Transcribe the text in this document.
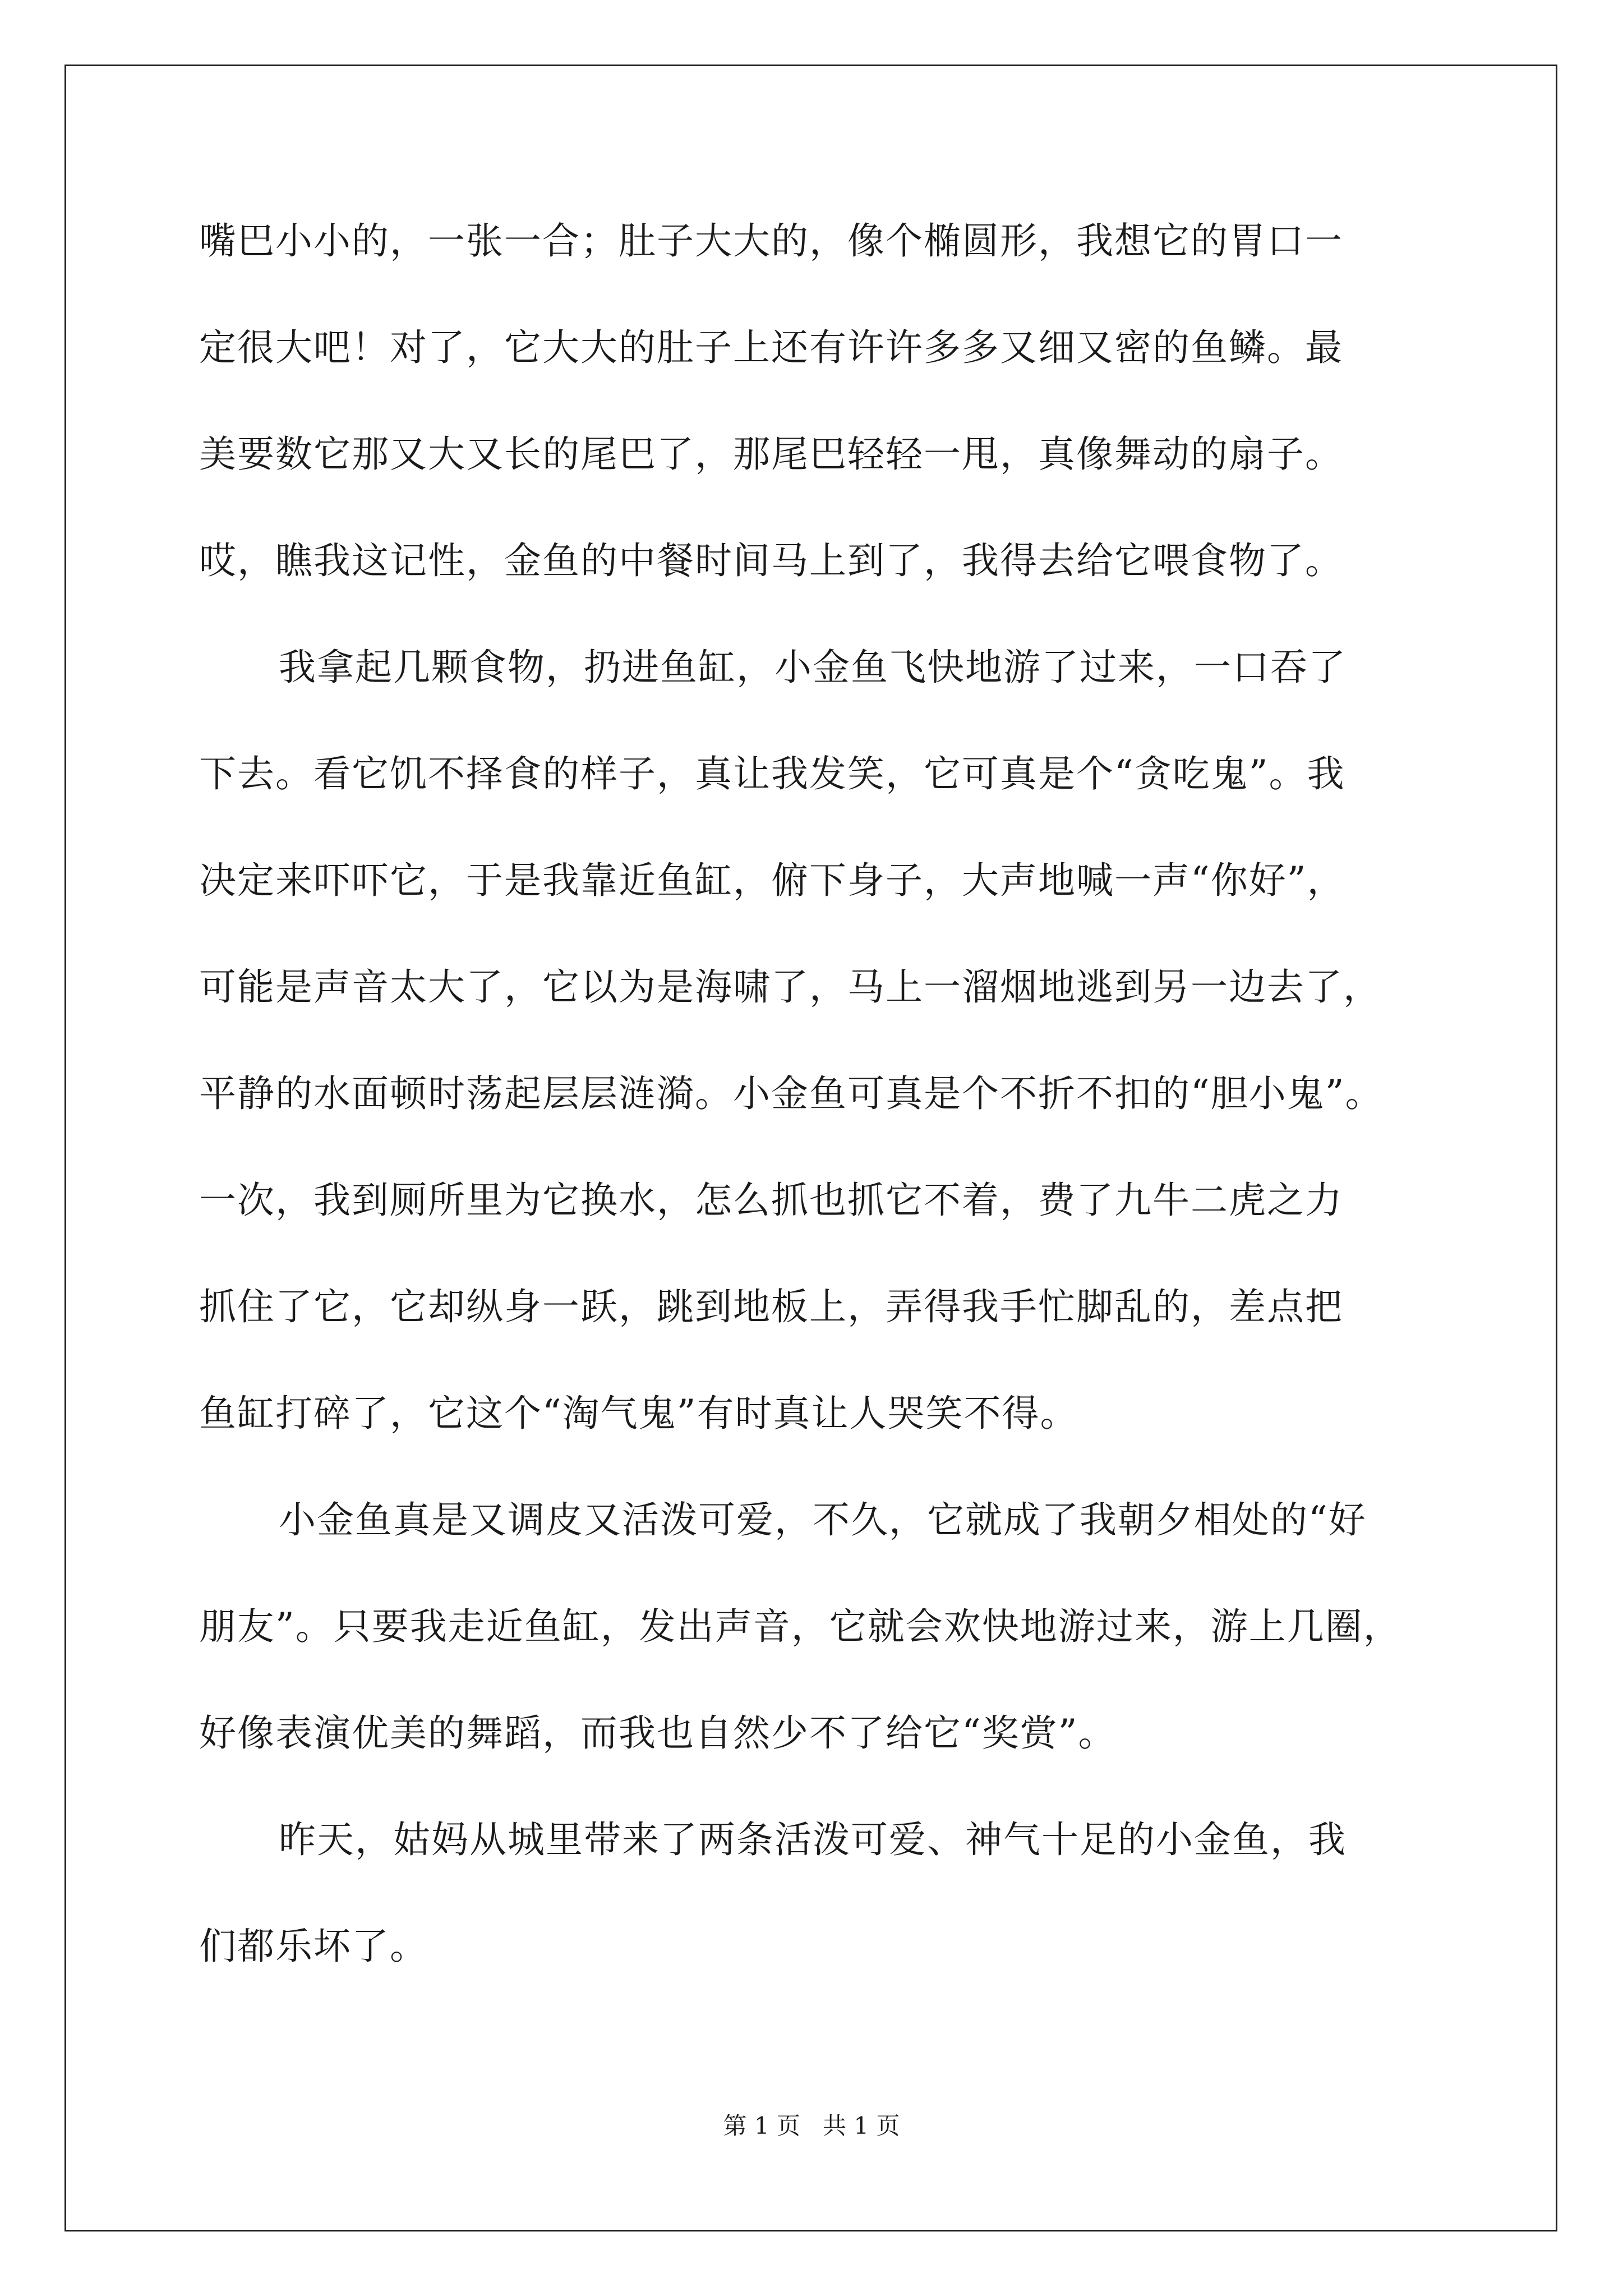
嘴巴小小的，一张一合；肚子大大的，像个椭圆形，我想它的胃口一
定很大吧！对了，它大大的肚子上还有许许多多又细又密的鱼鳞。最
美要数它那又大又长的尾巴了，那尾巴轻轻一甩，真像舞动的扇子。
哎，瞧我这记性，金鱼的中餐时间马上到了，我得去给它喂食物了。
我拿起几颗食物，扔进鱼缸，小金鱼飞快地游了过来，一口吞了
下去。看它饥不择食的样子，真让我发笑，它可真是个“贪吃鬼”。我
决定来吓吓它，于是我靠近鱼缸，俯下身子，大声地喊一声“你好”，
可能是声音太大了，它以为是海啸了，马上一溜烟地逃到另一边去了，
平静的水面顿时荡起层层涟漪。小金鱼可真是个不折不扣的“胆小鬼”。
一次，我到厕所里为它换水，怎么抓也抓它不着，费了九牛二虎之力
抓住了它，它却纵身一跃，跳到地板上，弄得我手忙脚乱的，差点把
鱼缸打碎了，它这个“淘气鬼”有时真让人哭笑不得。
小金鱼真是又调皮又活泼可爱，不久，它就成了我朝夕相处的“好
朋友”。只要我走近鱼缸，发出声音，它就会欢快地游过来，游上几圈，
好像表演优美的舞蹈，而我也自然少不了给它“奖赏”。
昨天，姑妈从城里带来了两条活泼可爱、神气十足的小金鱼，我
们都乐坏了。
第 1 页   共 1 页
